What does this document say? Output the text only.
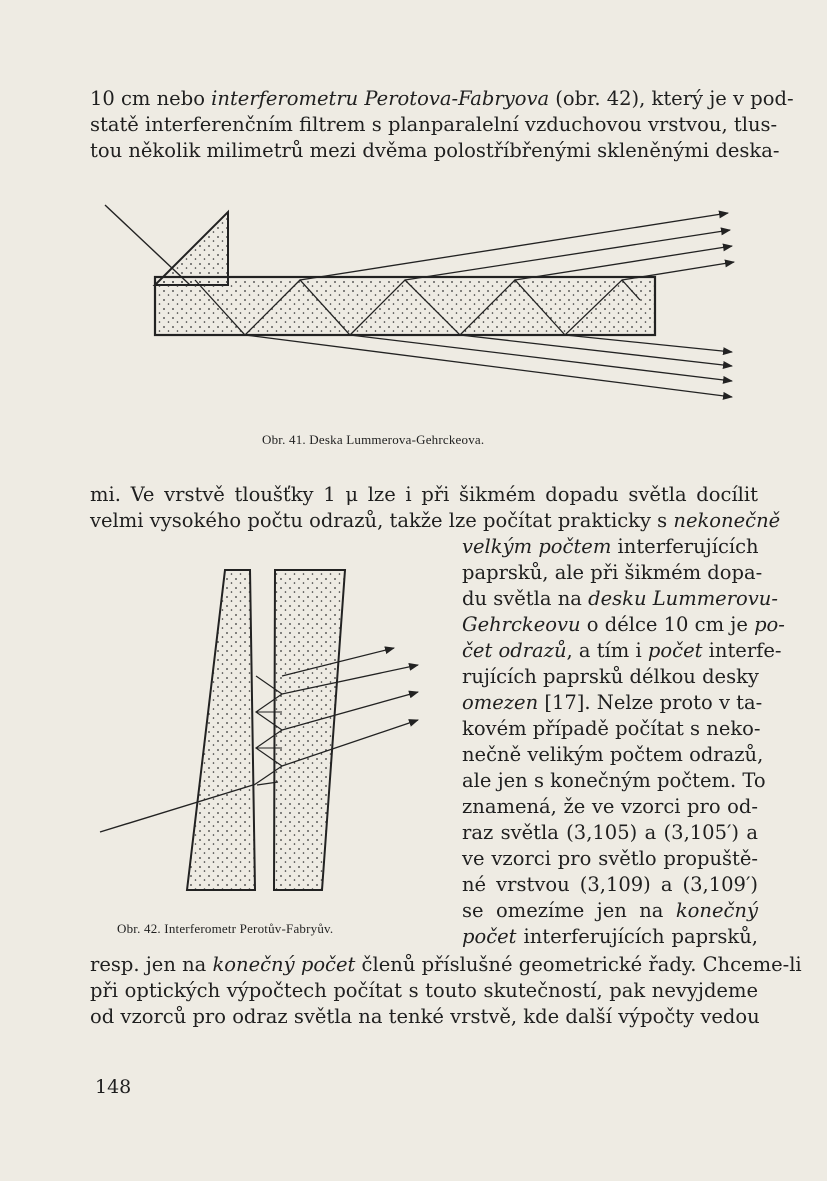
10 cm nebo interferometru Perotova-Fabryova (obr. 42), který je v pod-
statě interferenčním filtrem s planparalelní vzduchovou vrstvou, tlus-
tou několik milimetrů mezi dvěma polostříbřenými skleněnými deska-
Obr. 41. Deska Lummerova-Gehrckeova.
mi. Ve vrstvě tloušťky 1 μ lze i při šikmém dopadu světla docílit
velmi vysokého počtu odrazů, takže lze počítat prakticky s nekonečně
velkým počtem interferujících
paprsků, ale při šikmém dopa-
du světla na desku Lummerovu-
Gehrckeovu o délce 10 cm je po-
čet odrazů, a tím i počet interfe-
rujících paprsků délkou desky
omezen [17]. Nelze proto v ta-
kovém případě počítat s neko-
nečně velikým počtem odrazů,
ale jen s konečným počtem. To
znamená, že ve vzorci pro od-
raz světla (3,105) a (3,105′) a
ve vzorci pro světlo propuště-
né vrstvou (3,109) a (3,109′)
se omezíme jen na konečný
počet interferujících paprsků,
Obr. 42. Interferometr Perotův-Fabryův.
resp. jen na konečný počet členů příslušné geometrické řady. Chceme-li
při optických výpočtech počítat s touto skutečností, pak nevyjdeme
od vzorců pro odraz světla na tenké vrstvě, kde další výpočty vedou
148
